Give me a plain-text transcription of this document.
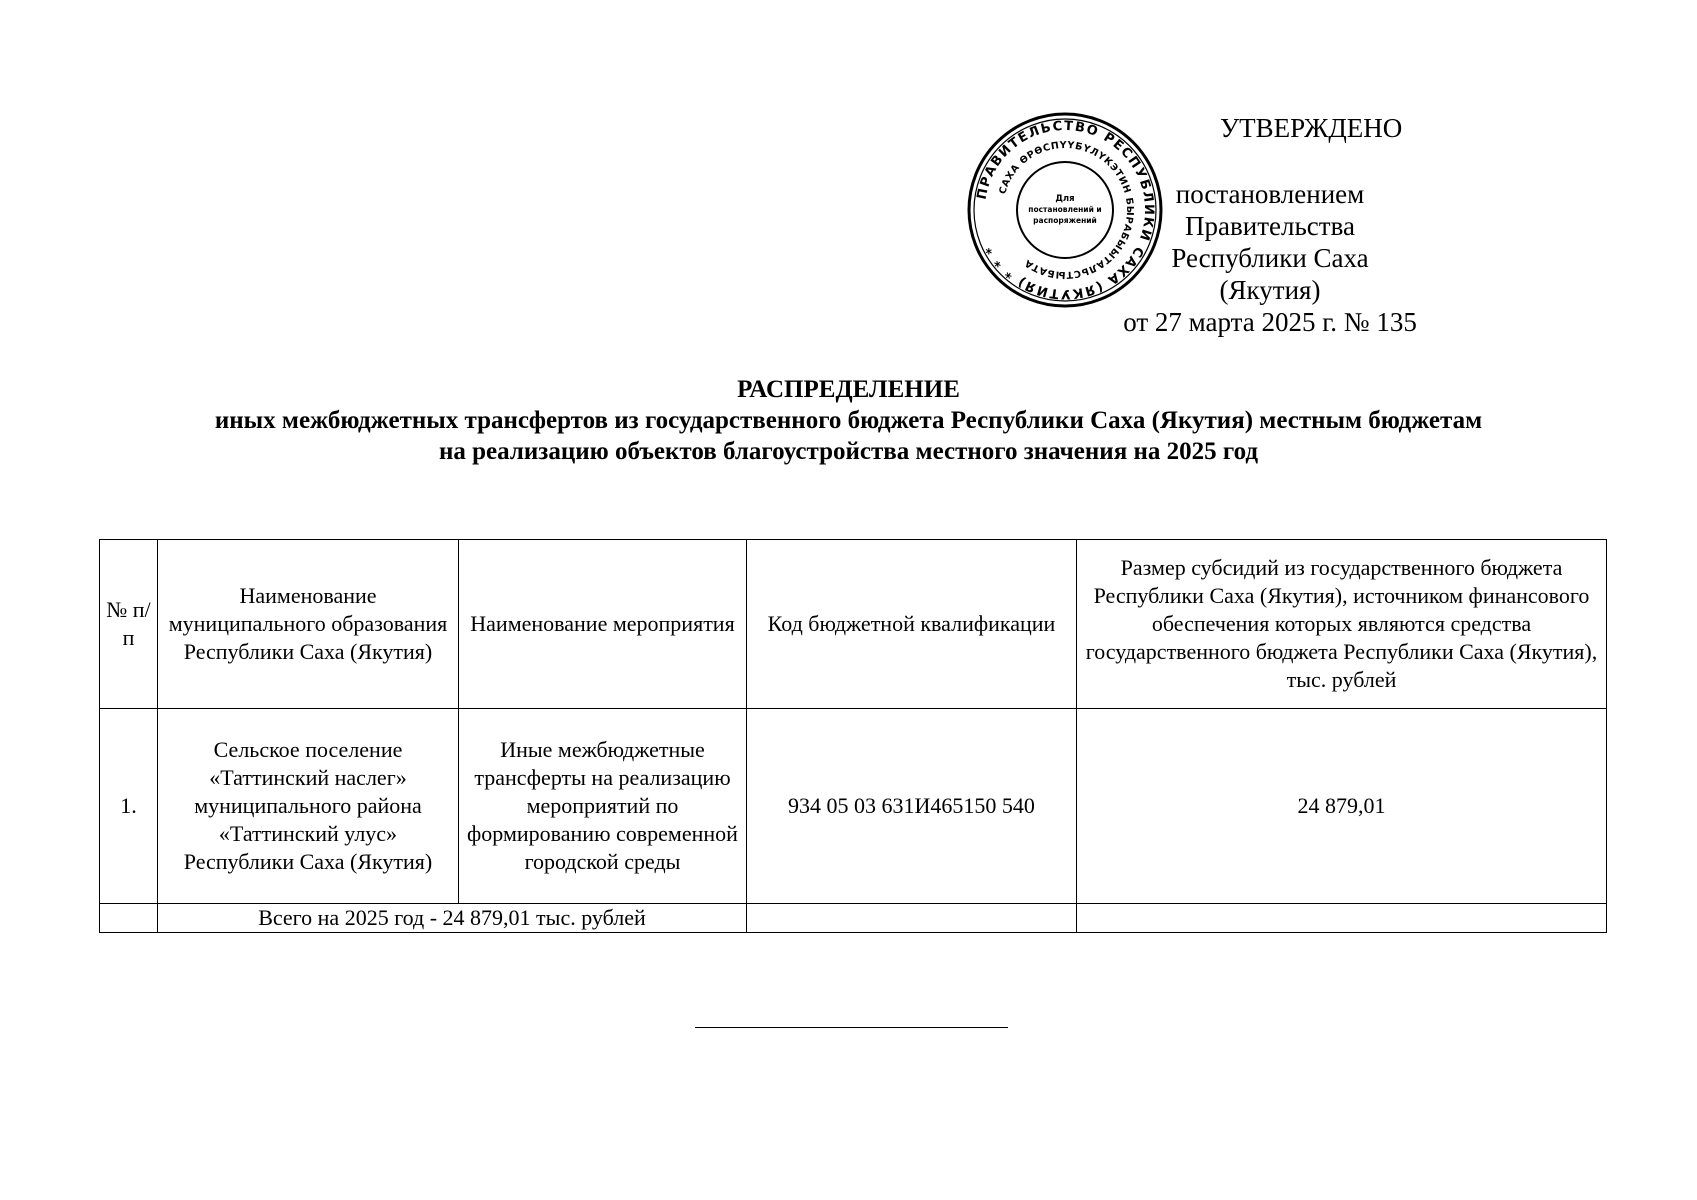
ПРАВИТЕЛЬСТВО РЕСПУБЛИКИ САХА (ЯКУТИЯ) * * *
САХА ӨРӨСПҮҮБҮЛҮКЭТИН БЫРАБЫЫТАЛЬСТЫБАТА
Для
постановлений и
распоряжений
УТВЕРЖДЕНО
постановлением Правительства
Республики Саха (Якутия)
от 27 марта 2025 г. № 135
РАСПРЕДЕЛЕНИЕ
иных межбюджетных трансфертов из государственного бюджета Республики Саха (Якутия) местным бюджетам
на реализацию объектов благоустройства местного значения на 2025 год
№ п/п	Наименование муниципального образования Республики Саха (Якутия)	Наименование мероприятия	Код бюджетной квалификации	Размер субсидий из государственного бюджета Республики Саха (Якутия), источником финансового обеспечения которых являются средства государственного бюджета Республики Саха (Якутия), тыс. рублей
1.	Сельское поселение «Таттинский наслег» муниципального района «Таттинский улус» Республики Саха (Якутия)	Иные межбюджетные трансферты на реализацию мероприятий по формированию современной городской среды	934 05 03 631И465150 540	24 879,01
	Всего на 2025 год - 24 879,01 тыс. рублей			
